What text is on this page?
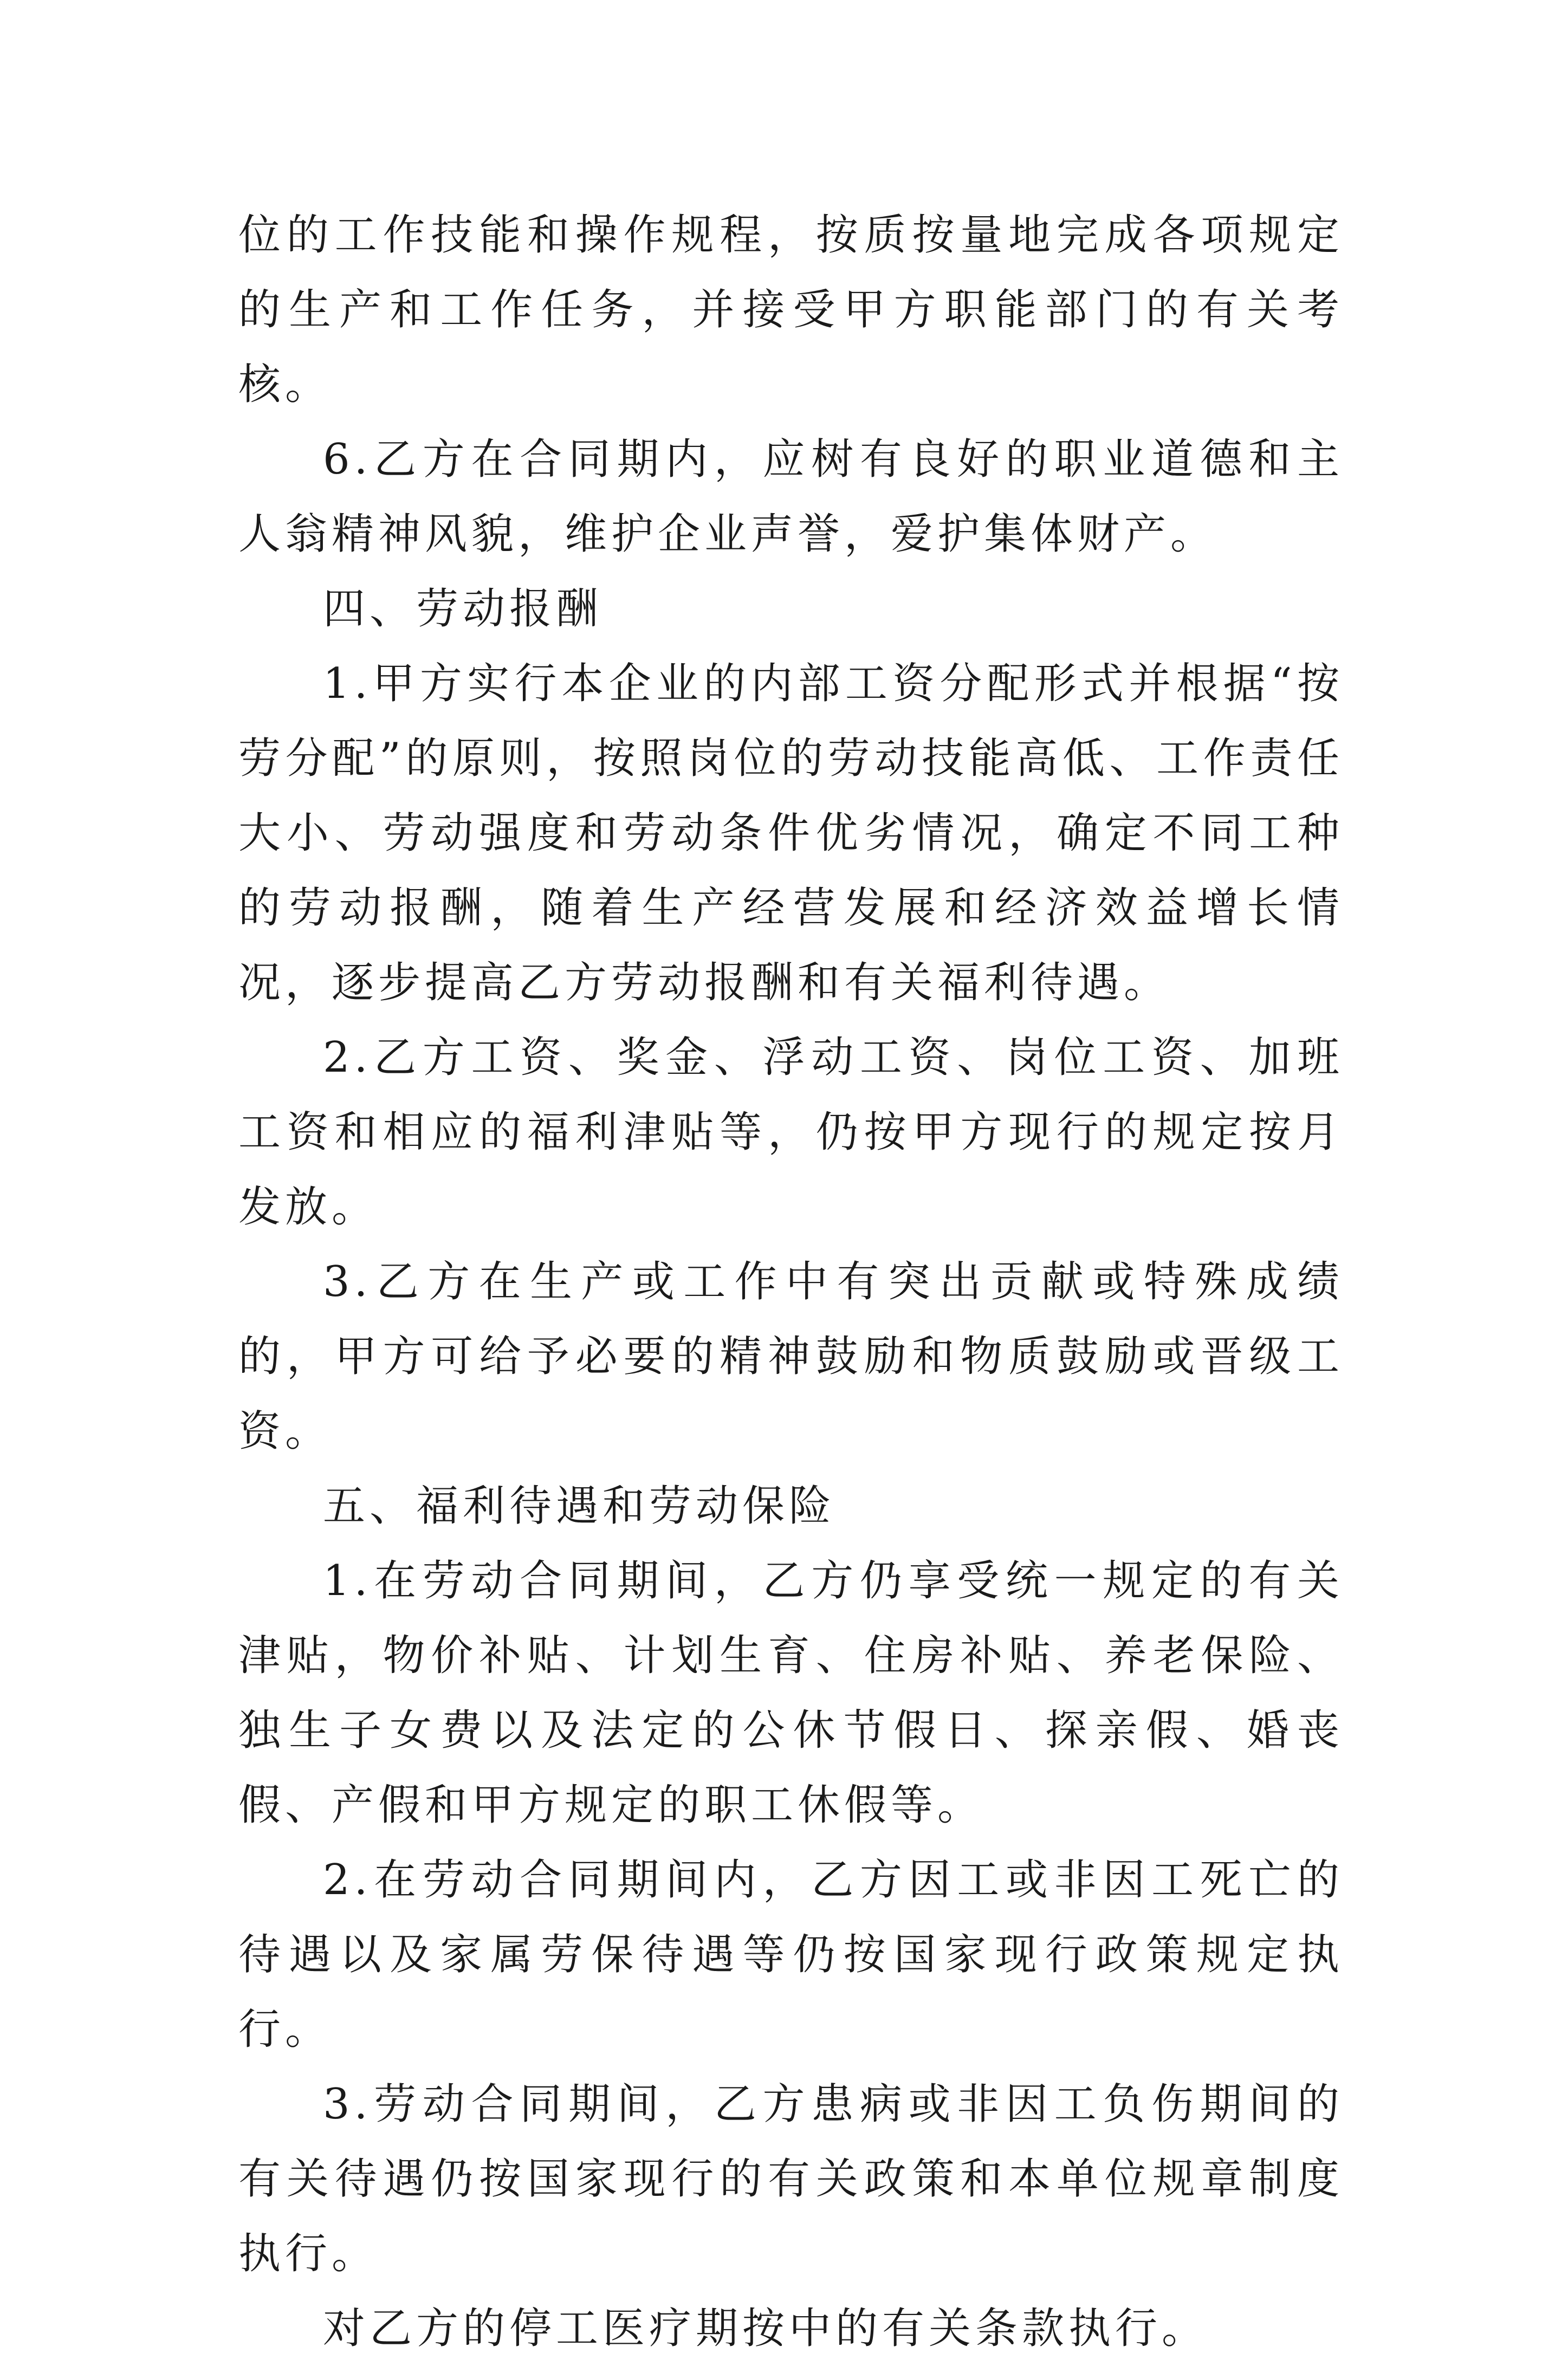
位的工作技能和操作规程，按质按量地完成各项规定的生产和工作任务，并接受甲方职能部门的有关考核。

6.乙方在合同期内，应树有良好的职业道德和主人翁精神风貌，维护企业声誉，爱护集体财产。

四、劳动报酬

1.甲方实行本企业的内部工资分配形式并根据“按劳分配”的原则，按照岗位的劳动技能高低、工作责任大小、劳动强度和劳动条件优劣情况，确定不同工种的劳动报酬，随着生产经营发展和经济效益增长情况，逐步提高乙方劳动报酬和有关福利待遇。

2.乙方工资、奖金、浮动工资、岗位工资、加班工资和相应的福利津贴等，仍按甲方现行的规定按月发放。

3.乙方在生产或工作中有突出贡献或特殊成绩的，甲方可给予必要的精神鼓励和物质鼓励或晋级工资。

五、福利待遇和劳动保险

1.在劳动合同期间，乙方仍享受统一规定的有关津贴，物价补贴、计划生育、住房补贴、养老保险、独生子女费以及法定的公休节假日、探亲假、婚丧假、产假和甲方规定的职工休假等。

2.在劳动合同期间内，乙方因工或非因工死亡的待遇以及家属劳保待遇等仍按国家现行政策规定执行。

3.劳动合同期间，乙方患病或非因工负伤期间的有关待遇仍按国家现行的有关政策和本单位规章制度执行。

对乙方的停工医疗期按中的有关条款执行。
